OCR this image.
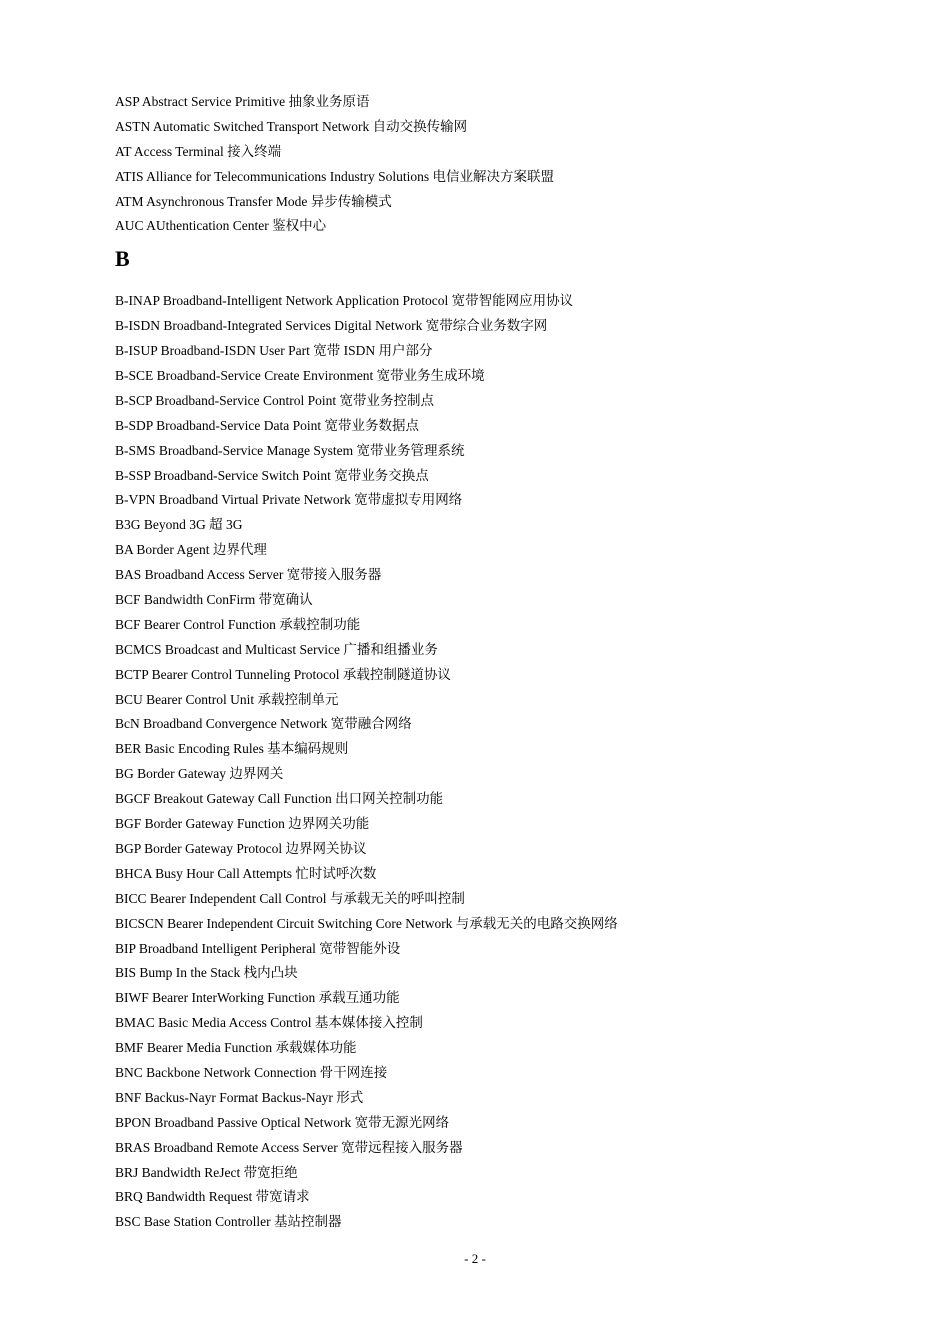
ASP Abstract Service Primitive 抽象业务原语
ASTN Automatic Switched Transport Network 自动交换传输网
AT Access Terminal 接入终端
ATIS Alliance for Telecommunications Industry Solutions 电信业解决方案联盟
ATM Asynchronous Transfer Mode 异步传输模式
AUC AUthentication Center 鉴权中心
B
B-INAP Broadband-Intelligent Network Application Protocol 宽带智能网应用协议
B-ISDN Broadband-Integrated Services Digital Network 宽带综合业务数字网
B-ISUP Broadband-ISDN User Part 宽带 ISDN 用户部分
B-SCE Broadband-Service Create Environment 宽带业务生成环境
B-SCP Broadband-Service Control Point 宽带业务控制点
B-SDP Broadband-Service Data Point 宽带业务数据点
B-SMS Broadband-Service Manage System 宽带业务管理系统
B-SSP Broadband-Service Switch Point 宽带业务交换点
B-VPN Broadband Virtual Private Network 宽带虚拟专用网络
B3G Beyond 3G 超 3G
BA Border Agent 边界代理
BAS Broadband Access Server 宽带接入服务器
BCF Bandwidth ConFirm 带宽确认
BCF Bearer Control Function 承载控制功能
BCMCS Broadcast and Multicast Service 广播和组播业务
BCTP Bearer Control Tunneling Protocol 承载控制隧道协议
BCU Bearer Control Unit 承载控制单元
BcN Broadband Convergence Network 宽带融合网络
BER Basic Encoding Rules 基本编码规则
BG Border Gateway 边界网关
BGCF Breakout Gateway Call Function 出口网关控制功能
BGF Border Gateway Function 边界网关功能
BGP Border Gateway Protocol 边界网关协议
BHCA Busy Hour Call Attempts 忙时试呼次数
BICC Bearer Independent Call Control 与承载无关的呼叫控制
BICSCN Bearer Independent Circuit Switching Core Network 与承载无关的电路交换网络
BIP Broadband Intelligent Peripheral 宽带智能外设
BIS Bump In the Stack 栈内凸块
BIWF Bearer InterWorking Function 承载互通功能
BMAC Basic Media Access Control 基本媒体接入控制
BMF Bearer Media Function 承载媒体功能
BNC Backbone Network Connection 骨干网连接
BNF Backus-Nayr Format Backus-Nayr 形式
BPON Broadband Passive Optical Network 宽带无源光网络
BRAS Broadband Remote Access Server 宽带远程接入服务器
BRJ Bandwidth ReJect 带宽拒绝
BRQ Bandwidth Request 带宽请求
BSC Base Station Controller 基站控制器
- 2 -
